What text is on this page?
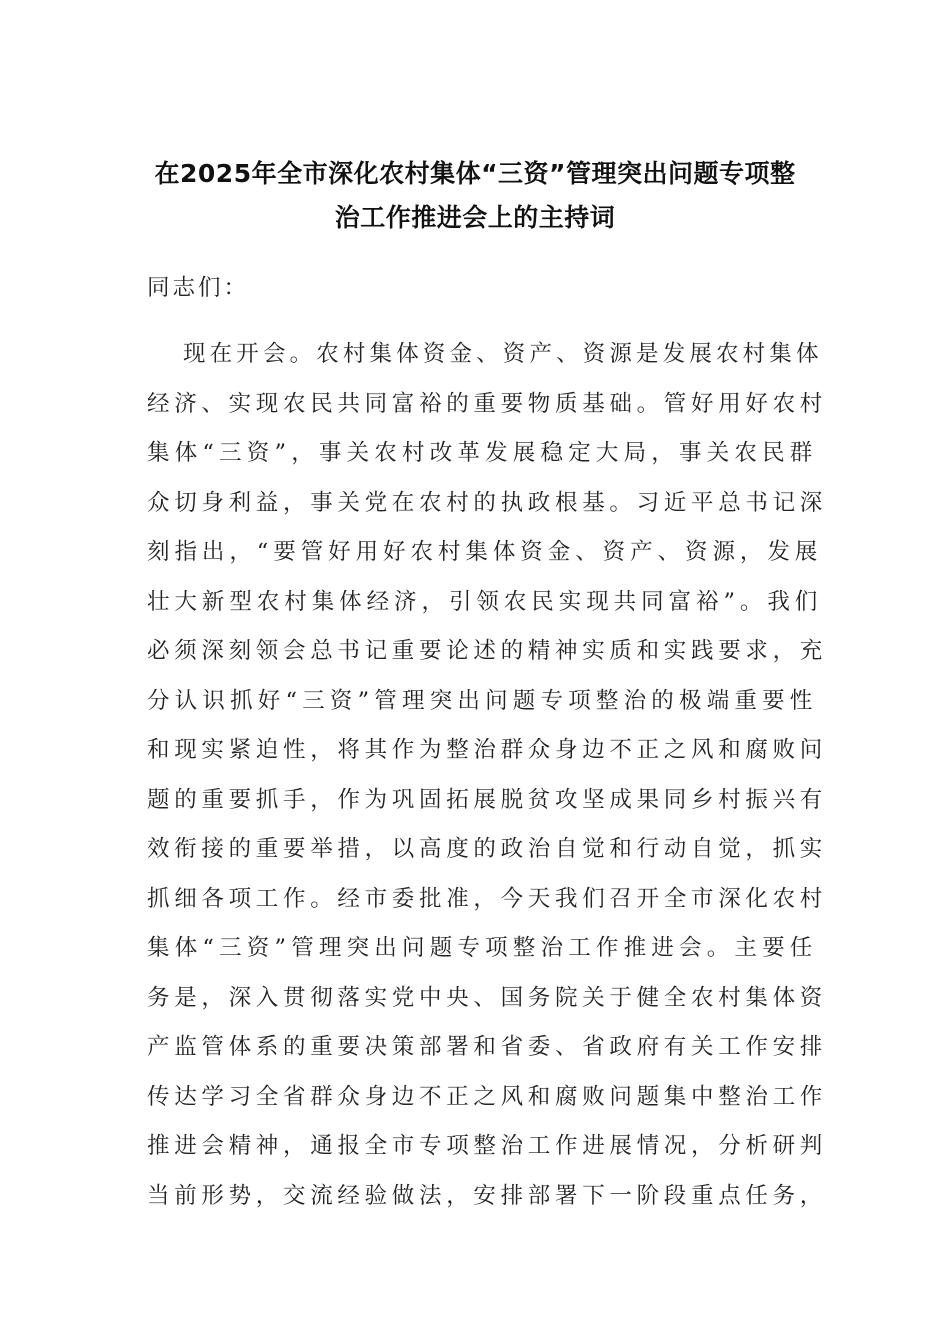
在2025年全市深化农村集体“三资”管理突出问题专项整
治工作推进会上的主持词
同志们：
现在开会。农村集体资金、资产、资源是发展农村集体
经济、实现农民共同富裕的重要物质基础。管好用好农村
集体“三资”，事关农村改革发展稳定大局，事关农民群
众切身利益，事关党在农村的执政根基。习近平总书记深
刻指出，“要管好用好农村集体资金、资产、资源，发展
壮大新型农村集体经济，引领农民实现共同富裕”。我们
必须深刻领会总书记重要论述的精神实质和实践要求，充
分认识抓好“三资”管理突出问题专项整治的极端重要性
和现实紧迫性，将其作为整治群众身边不正之风和腐败问
题的重要抓手，作为巩固拓展脱贫攻坚成果同乡村振兴有
效衔接的重要举措，以高度的政治自觉和行动自觉，抓实
抓细各项工作。经市委批准，今天我们召开全市深化农村
集体“三资”管理突出问题专项整治工作推进会。主要任
务是，深入贯彻落实党中央、国务院关于健全农村集体资
产监管体系的重要决策部署和省委、省政府有关工作安排
传达学习全省群众身边不正之风和腐败问题集中整治工作
推进会精神，通报全市专项整治工作进展情况，分析研判
当前形势，交流经验做法，安排部署下一阶段重点任务，
